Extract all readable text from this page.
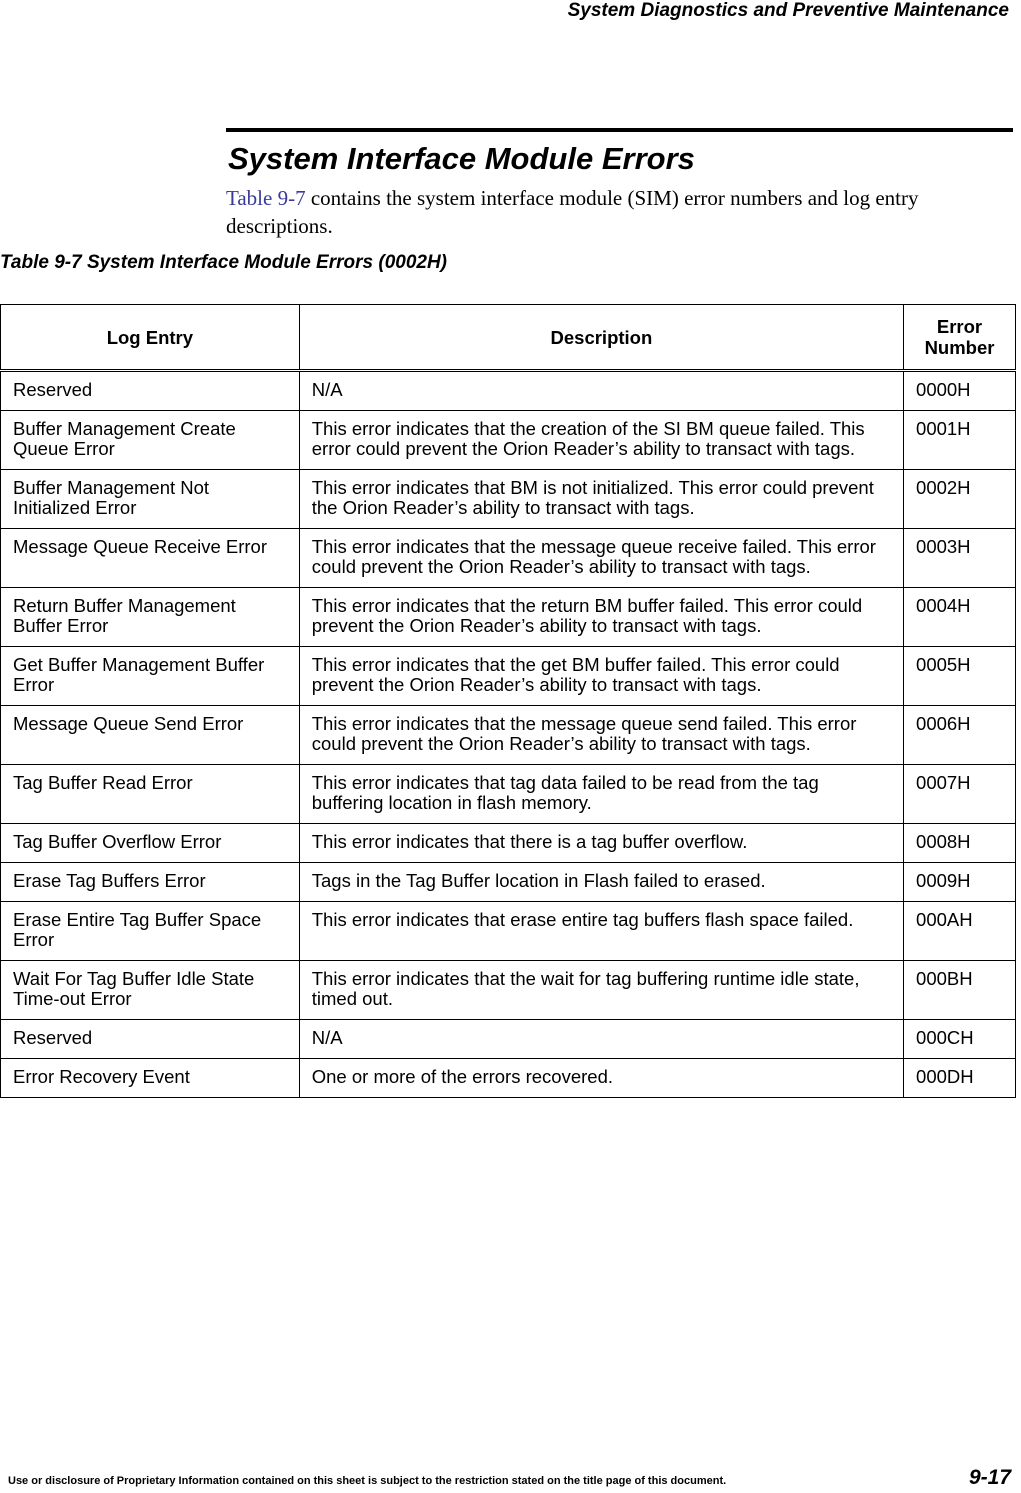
System Diagnostics and Preventive Maintenance
System Interface Module Errors

Table 9-7 contains the system interface module (SIM) error numbers and log entry descriptions.

Table 9-7 System Interface Module Errors (0002H)
Log Entry	Description	Error
Number
Reserved	N/A	0000H
Buffer Management Create Queue Error	This error indicates that the creation of the SI BM queue failed. This error could prevent the Orion Reader’s ability to transact with tags.	0001H
Buffer Management Not Initialized Error	This error indicates that BM is not initialized. This error could prevent the Orion Reader’s ability to transact with tags.	0002H
Message Queue Receive Error	This error indicates that the message queue receive failed. This error could prevent the Orion Reader’s ability to transact with tags.	0003H
Return Buffer Management Buffer Error	This error indicates that the return BM buffer failed. This error could prevent the Orion Reader’s ability to transact with tags.	0004H
Get Buffer Management Buffer Error	This error indicates that the get BM buffer failed. This error could prevent the Orion Reader’s ability to transact with tags.	0005H
Message Queue Send Error	This error indicates that the message queue send failed. This error could prevent the Orion Reader’s ability to transact with tags.	0006H
Tag Buffer Read Error	This error indicates that tag data failed to be read from the tag buffering location in flash memory.	0007H
Tag Buffer Overflow Error	This error indicates that there is a tag buffer overflow.	0008H
Erase Tag Buffers Error	Tags in the Tag Buffer location in Flash failed to erased.	0009H
Erase Entire Tag Buffer Space Error	This error indicates that erase entire tag buffers flash space failed.	000AH
Wait For Tag Buffer Idle State Time-out Error	This error indicates that the wait for tag buffering runtime idle state, timed out.	000BH
Reserved	N/A	000CH
Error Recovery Event	One or more of the errors recovered.	000DH
Use or disclosure of Proprietary Information contained on this sheet is subject to the restriction stated on the title page of this document.	9-17
